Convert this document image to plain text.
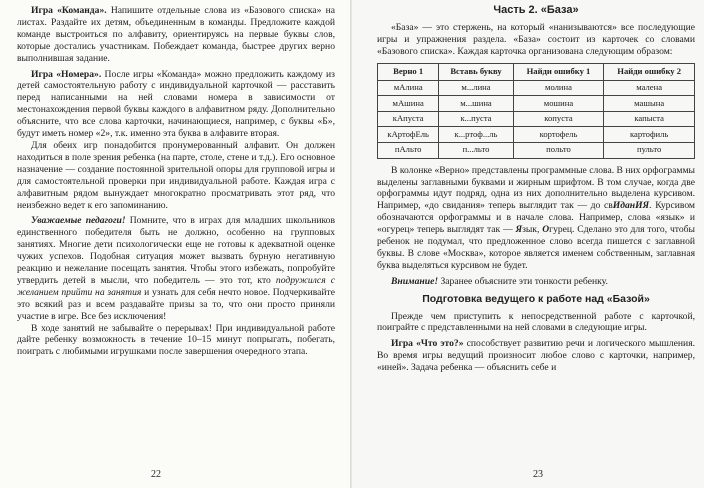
Игра «Команда». Напишите отдельные слова из «Базового списка» на листах. Раздайте их детям, объединенным в команды. Предложите каждой команде выстроиться по алфавиту, ориентируясь на первые буквы слов, которые достались участникам. Побеждает команда, быстрее других верно выполнившая задание.

Игра «Номера». После игры «Команда» можно предложить каждому из детей самостоятельную работу с индивидуальной карточкой — расставить перед написанными на ней словами номера в зависимости от местонахождения первой буквы каждого в алфавитном ряду. Дополнительно объясните, что все слова карточки, начинающиеся, например, с буквы «Б», будут иметь номер «2», т.к. именно эта буква в алфавите вторая.

Для обеих игр понадобится пронумерованный алфавит. Он должен находиться в поле зрения ребенка (на парте, столе, стене и т.д.). Его основное назначение — создание постоянной зрительной опоры для групповой игры и для самостоятельной проверки при индивидуальной работе. Каждая игра с алфавитным рядом вынуждает многократно просматривать этот ряд, что неизбежно ведет к его запоминанию.

Уважаемые педагоги! Помните, что в играх для младших школьников единственного победителя быть не должно, особенно на групповых занятиях. Многие дети психологически еще не готовы к адекватной оценке чужих успехов. Подобная ситуация может вызвать бурную негативную реакцию и нежелание посещать занятия. Чтобы этого избежать, попробуйте утвердить детей в мысли, что победитель — это тот, кто подружился с желанием прийти на занятия и узнать для себя нечто новое. Подчеркивайте это всякий раз и всем раздавайте призы за то, что они просто приняли участие в игре. Все без исключения!

В ходе занятий не забывайте о перерывах! При индивидуальной работе дайте ребенку возможность в течение 10–15 минут попрыгать, побегать, поиграть с любимыми игрушками после завершения очередного этапа.

22
Часть 2. «База»

«База» — это стержень, на который «нанизываются» все последующие игры и упражнения раздела. «База» состоит из карточек со словами «Базового списка». Каждая карточка организована следующим образом:

Верно 1	Вставь букву	Найди ошибку 1	Найди ошибку 2
мАлина	м...лина	молина	малена
мАшина	м...шина	мошина	машына
кАпуста	к...пуста	копуста	капыста
кАртофЕль	к...ртоф...ль	кортофель	картофиль
пАльто	п...льто	польто	пульто

В колонке «Верно» представлены программные слова. В них орфограммы выделены заглавными буквами и жирным шрифтом. В том случае, когда две орфограммы идут подряд, одна из них дополнительно выделена курсивом. Например, «до свидания» теперь выглядит так — до свИданИЯ. Курсивом обозначаются орфограммы и в начале слова. Например, слова «язык» и «огурец» теперь выглядят так — Язык, Огурец. Сделано это для того, чтобы ребенок не подумал, что предложенное слово всегда пишется с заглавной буквы. В слове «Москва», которое является именем собственным, заглавная буква выделяться курсивом не будет.

Внимание! Заранее объясните эти тонкости ребенку.

Подготовка ведущего к работе над «Базой»

Прежде чем приступить к непосредственной работе с карточкой, поиграйте с представленными на ней словами в следующие игры.

Игра «Что это?» способствует развитию речи и логического мышления. Во время игры ведущий произносит любое слово с карточки, например, «иней». Задача ребенка — объяснить себе и

23
